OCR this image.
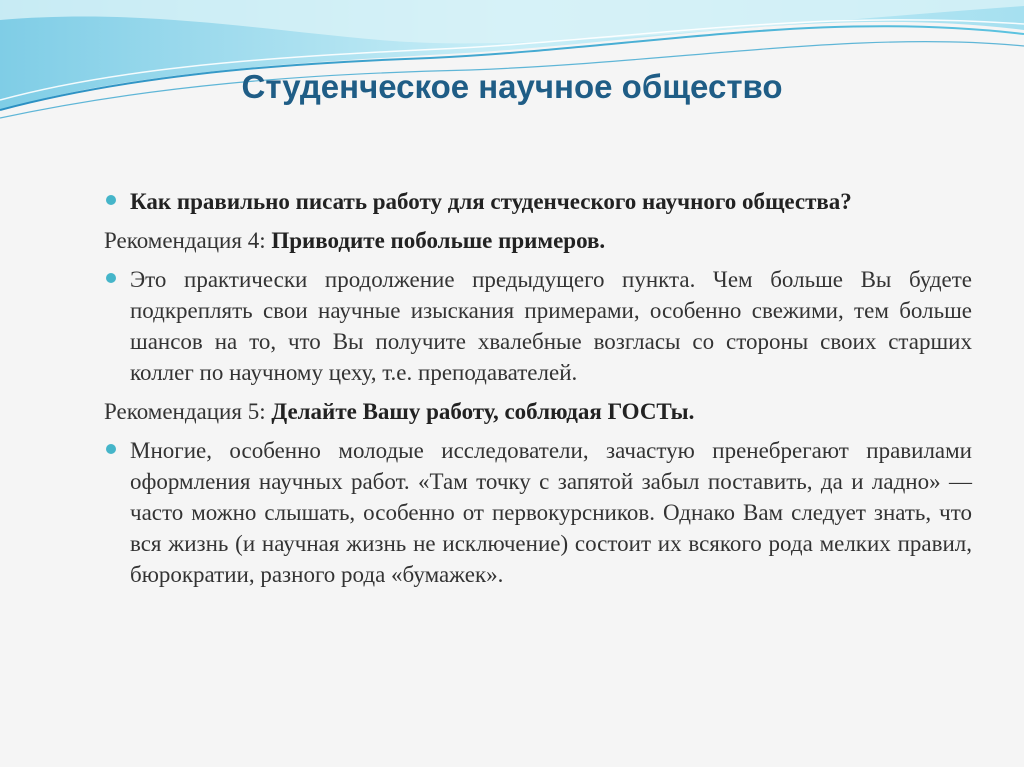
Студенческое научное общество
Как правильно писать работу для студенческого научного общества?
Рекомендация 4: Приводите побольше примеров.
Это практически продолжение предыдущего пункта. Чем больше Вы будете подкреплять свои научные изыскания примерами, особенно свежими, тем больше шансов на то, что Вы получите хвалебные возгласы со стороны своих старших коллег по научному цеху, т.е. преподавателей.
Рекомендация 5: Делайте Вашу работу, соблюдая ГОСТы.
Многие, особенно молодые исследователи, зачастую пренебрегают правилами оформления научных работ. «Там точку с запятой забыл поставить, да и ладно» — часто можно слышать, особенно от первокурсников. Однако Вам следует знать, что вся жизнь (и научная жизнь не исключение) состоит их всякого рода мелких правил, бюрократии, разного рода «бумажек».
